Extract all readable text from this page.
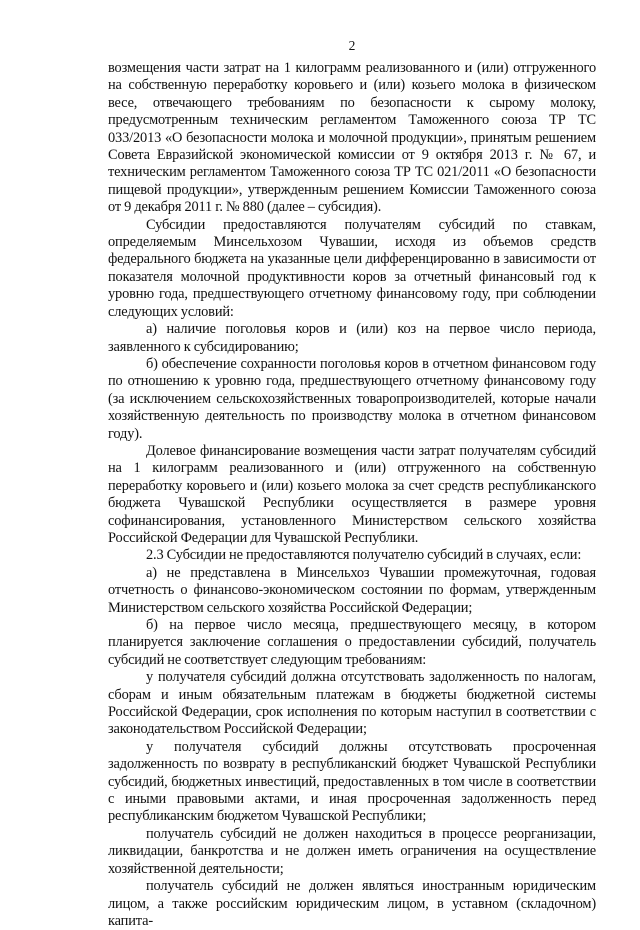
2

возмещения части затрат на 1 килограмм реализованного и (или) отгруженного на собственную переработку коровьего и (или) козьего молока в физическом весе, отвечающего требованиям по безопасности к сырому молоку, предусмотренным техническим регламентом Таможенного союза ТР ТС 033/2013 «О безопасности молока и молочной продукции», принятым решением Совета Евразийской экономической комиссии от 9 октября 2013 г. № 67, и техническим регламентом Таможенного союза ТР ТС 021/2011 «О безопасности пищевой продукции», утвержденным решением Комиссии Таможенного союза от 9 декабря 2011 г. № 880 (далее – субсидия).

Субсидии предоставляются получателям субсидий по ставкам, определяемым Минсельхозом Чувашии, исходя из объемов средств федерального бюджета на указанные цели дифференцированно в зависимости от показателя молочной продуктивности коров за отчетный финансовый год к уровню года, предшествующего отчетному финансовому году, при соблюдении следующих условий:

а) наличие поголовья коров и (или) коз на первое число периода, заявленного к субсидированию;

б) обеспечение сохранности поголовья коров в отчетном финансовом году по отношению к уровню года, предшествующего отчетному финансовому году (за исключением сельскохозяйственных товаропроизводителей, которые начали хозяйственную деятельность по производству молока в отчетном финансовом году).

Долевое финансирование возмещения части затрат получателям субсидий на 1 килограмм реализованного и (или) отгруженного на собственную переработку коровьего и (или) козьего молока за счет средств республиканского бюджета Чувашской Республики осуществляется в размере уровня софинансирования, установленного Министерством сельского хозяйства Российской Федерации для Чувашской Республики.

2.3 Субсидии не предоставляются получателю субсидий в случаях, если:

а) не представлена в Минсельхоз Чувашии промежуточная, годовая отчетность о финансово-экономическом состоянии по формам, утвержденным Министерством сельского хозяйства Российской Федерации;

б) на первое число месяца, предшествующего месяцу, в котором планируется заключение соглашения о предоставлении субсидий, получатель субсидий не соответствует следующим требованиям:

у получателя субсидий должна отсутствовать задолженность по налогам, сборам и иным обязательным платежам в бюджеты бюджетной системы Российской Федерации, срок исполнения по которым наступил в соответствии с законодательством Российской Федерации;

у получателя субсидий должны отсутствовать просроченная задолженность по возврату в республиканский бюджет Чувашской Республики субсидий, бюджетных инвестиций, предоставленных в том числе в соответствии с иными правовыми актами, и иная просроченная задолженность перед республиканским бюджетом Чувашской Республики;

получатель субсидий не должен находиться в процессе реорганизации, ликвидации, банкротства и не должен иметь ограничения на осуществление хозяйственной деятельности;

получатель субсидий не должен являться иностранным юридическим лицом, а также российским юридическим лицом, в уставном (складочном) капита-
